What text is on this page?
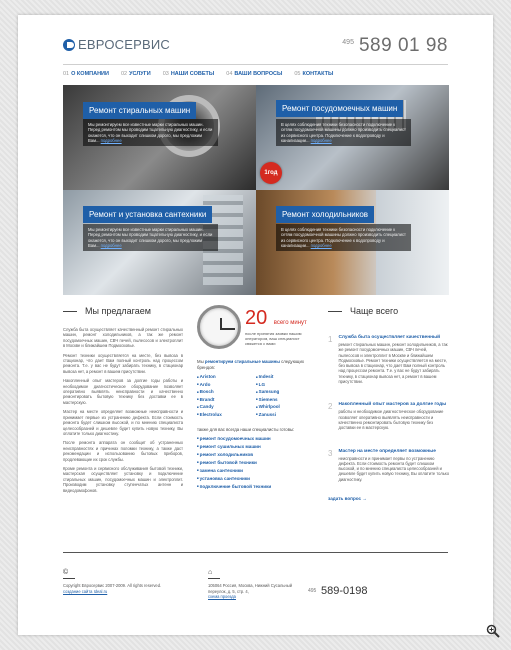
ЕВРОСЕРВИС	495 589 01 98
01 О КОМПАНИИ 02 УСЛУГИ 03 НАШИ СОВЕТЫ 04 ВАШИ ВОПРОСЫ 05 КОНТАКТЫ
Ремонт стиральных машин
Мы ремонтируем все известные марки стиральных машин. Перед ремонтом мы проводим тщательную диагностику, и если окажется, что он выходит слишком дорого, мы предложим Вам... подробнее
Ремонт посудомоечных машин
В целях соблюдения техники безопасности подключение к сетям посудомоечной машины должно производить специалист из сервисного центра. Подключение к водопроводу и канализации... подробнее
Ремонт и установка сантехники
Мы ремонтируем все известные марки стиральных машин. Перед ремонтом мы проводим тщательную диагностику, и если окажется, что он выходит слишком дорого, мы предложим Вам... подробнее
Ремонт холодильников
В целях соблюдения техники безопасности подключение к сетям посудомоечной машины должно производить специалист из сервисного центра. Подключение к водопроводу и канализации... подробнее
1год
Мы предлагаем

Служба быта осуществляет качественный ремонт стиральных машин, ремонт холодильников, а так же ремонт посудомоечных машин, СВЧ печей, пылесосов и электроплит в Москве и ближайшем Подмосковье.

Ремонт техники осуществляется на месте, без вывоза в стационар, что дает Вам полный контроль над процессом ремонта. Т.е. у вас не будут забирать технику, в стационар вывоза нет, а ремонт в вашем присутствии.

Накопленный опыт мастеров за долгие годы работы и необходимое диагностическое оборудование позволяет оперативно выявлять неисправности и качественно ремонтировать бытовую технику без доставки ее в мастерскую.

Мастер на месте определяет возможные неисправности и принимает первые из устранению дефекта. Если стоимость ремонта будет слишком высокой, и по мнению специалиста целесообразней и дешевле будет купить новую технику, Вы оплатите только диагностику.

После ремонта аппарата он сообщит об устраненных неисправностях и причинах поломки технику, а также даст рекомендации и использованию бытовых приборов, продлевающие их срок службы.

Кроме ремонта и сервисного обслуживания бытовой техники, мастерская осуществляет установку и подключение стиральных машин, посудомоечных машин и электроплит. Производим установку ступенчатых антенн и видеодомофонов.

20 всего минут
после принятия заявки нашим оператором, ваш специалист свяжется с вами
Мы ремонтируем стиральные машины следующих брендов:
■ Ariston	■ Indesit
■ Ardo	■ LG
■ Bosch	■ Samsung
■ Brandt	■ Siemens
■ Candy	■ Whirlpool
■ Electrolux	■ Zanussi
также для вас всегда наши специалисты готовы:
■ ремонт посудомоечных машин
■ ремонт сушильных машин
■ ремонт холодильников
■ ремонт бытовой техники
■ замена сантехники
■ установка сантехники
■ подключение бытовой техники
Чаще всего
1 Служба быта осуществляет качественный
ремонт стиральных машин, ремонт холодильников, а так же ремонт посудомоечных машин, СВЧ печей, пылесосов и электроплит в Москве и ближайшем Подмосковье. Ремонт техники осуществляется на месте, без вывоза в стационар, что дает Вам полный контроль над процессом ремонта. Т.е. у вас не будут забирать технику, в стационар вывоза нет, а ремонт в вашем присутствии.
2 Накопленный опыт мастеров за долгие годы
работы и необходимое диагностическое оборудование позволяет оперативно выявлять неисправности и качественно ремонтировать бытовую технику без доставки ее в мастерскую.
3 Мастер на месте определяет возможные
неисправности и принимает первы по устранению дефекта. Если стоимость ремонта будет слишком высокой, и по мнению специалиста целесообразней и дешевле будет купить новую технику, Вы оплатите только диагностику.
задать вопрос →
©
Copyright Евросервис 2007-2009. All rights reserved.
создание сайта Ideal.ru
⌂
105064 Россия, Москва, Нижний Сусальный переулок, д. 5, стр. 4,
схема проезда
495 589-0198
